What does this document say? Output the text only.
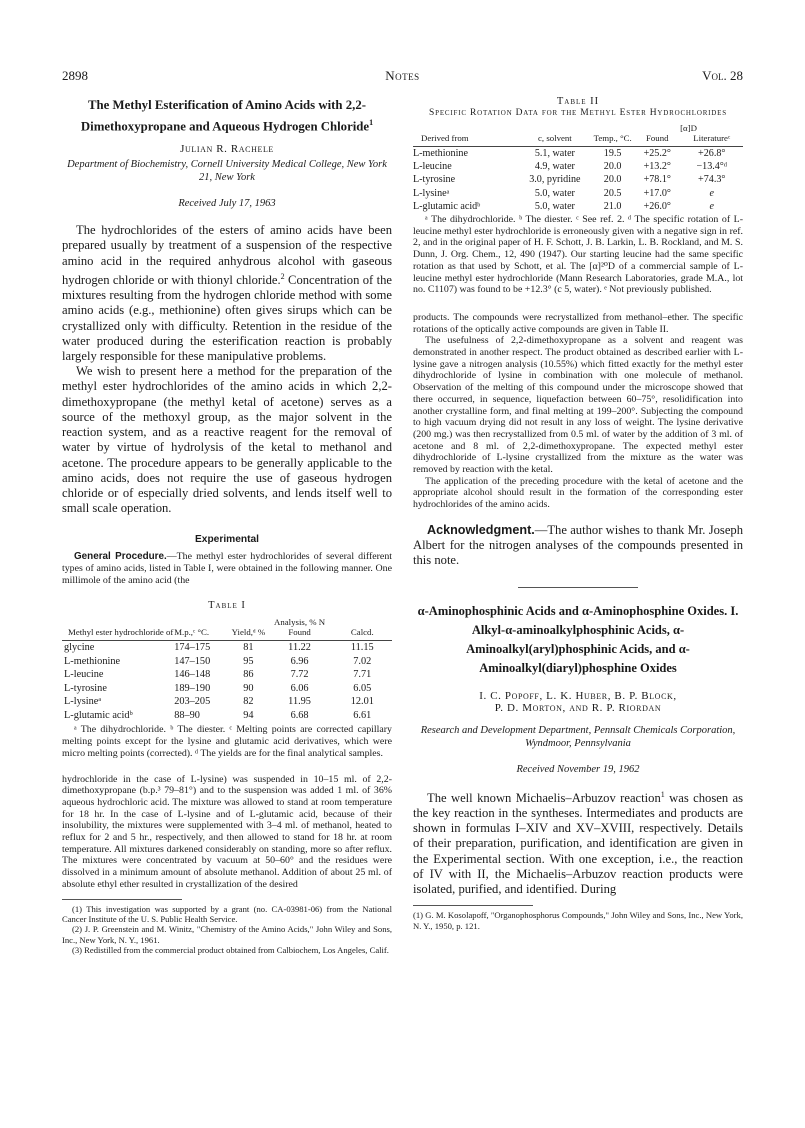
2898	Notes	Vol. 28

The Methyl Esterification of Amino Acids with 2,2-Dimethoxypropane and Aqueous Hydrogen Chloride$^1$

Julian R. Rachele

Department of Biochemistry, Cornell University Medical College, New York 21, New York

Received July 17, 1963

The hydrochlorides of the esters of amino acids have been prepared usually by treatment of a suspension of the respective amino acid in the required anhydrous alcohol with gaseous hydrogen chloride or with thionyl chloride.$^2$ Concentration of the mixtures resulting from the hydrogen chloride method with some amino acids (e.g., methionine) often gives sirups which can be crystallized only with difficulty. Retention in the residue of the water produced during the esterification reaction is probably largely responsible for these manipulative problems.

We wish to present here a method for the preparation of the methyl ester hydrochlorides of the amino acids in which 2,2-dimethoxypropane (the methyl ketal of acetone) serves as a source of the methoxyl group, as the major solvent in the reaction system, and as a reactive reagent for the removal of water by virtue of hydrolysis of the ketal to methanol and acetone. The procedure appears to be generally applicable to the amino acids, does not require the use of gaseous hydrogen chloride or of especially dried solvents, and lends itself well to small scale operation.

Experimental

General Procedure.—The methyl ester hydrochlorides of several different types of amino acids, listed in Table I, were obtained in the following manner. One millimole of the amino acid (the

Table I

Methyl ester hydrochloride of	M.p.,ᶜ °C.	Yield,ᵈ %	Analysis, % N Found	Calcd.
glycine	174–175	81	11.22	11.15
L-methionine	147–150	95	6.96	7.02
L-leucine	146–148	86	7.72	7.71
L-tyrosine	189–190	90	6.06	6.05
L-lysineᵃ	203–205	82	11.95	12.01
L-glutamic acidᵇ	88–90	94	6.68	6.61

ᵃ The dihydrochloride. ᵇ The diester. ᶜ Melting points are corrected capillary melting points except for the lysine and glutamic acid derivatives, which were micro melting points (corrected). ᵈ The yields are for the final analytical samples.

hydrochloride in the case of L-lysine) was suspended in 10–15 ml. of 2,2-dimethoxypropane (b.p.³ 79–81°) and to the suspension was added 1 ml. of 36% aqueous hydrochloric acid. The mixture was allowed to stand at room temperature for 18 hr. In the case of L-lysine and of L-glutamic acid, because of their insolubility, the mixtures were supplemented with 3–4 ml. of methanol, heated to reflux for 2 and 5 hr., respectively, and then allowed to stand for 18 hr. at room temperature. All mixtures darkened considerably on standing, more so after reflux. The mixtures were concentrated by vacuum at 50–60° and the residues were dissolved in a minimum amount of absolute methanol. Addition of about 25 ml. of absolute ethyl ether resulted in crystallization of the desired

(1) This investigation was supported by a grant (no. CA-03981-06) from the National Cancer Institute of the U. S. Public Health Service.

(2) J. P. Greenstein and M. Winitz, "Chemistry of the Amino Acids," John Wiley and Sons, Inc., New York, N. Y., 1961.

(3) Redistilled from the commercial product obtained from Calbiochem, Los Angeles, Calif.

Table II

Specific Rotation Data for the Methyl Ester Hydrochlorides

			[α]D	
Derived from	c, solvent	Temp., °C.	Found	Literatureᶜ
L-methionine	5.1, water	19.5	+25.2°	+26.8°
L-leucine	4.9, water	20.0	+13.2°	−13.4°ᵈ
L-tyrosine	3.0, pyridine	20.0	+78.1°	+74.3°
L-lysineᵃ	5.0, water	20.5	+17.0°	e
L-glutamic acidᵇ	5.0, water	21.0	+26.0°	e

ᵃ The dihydrochloride. ᵇ The diester. ᶜ See ref. 2. ᵈ The specific rotation of L-leucine methyl ester hydrochloride is erroneously given with a negative sign in ref. 2, and in the original paper of H. F. Schott, J. B. Larkin, L. B. Rockland, and M. S. Dunn, J. Org. Chem., 12, 490 (1947). Our starting leucine had the same specific rotation as that used by Schott, et al. The [α]²⁰D of a commercial sample of L-leucine methyl ester hydrochloride (Mann Research Laboratories, grade M.A., lot no. C1107) was found to be +12.3° (c 5, water). ᵉ Not previously published.

products. The compounds were recrystallized from methanol–ether. The specific rotations of the optically active compounds are given in Table II.

The usefulness of 2,2-dimethoxypropane as a solvent and reagent was demonstrated in another respect. The product obtained as described earlier with L-lysine gave a nitrogen analysis (10.55%) which fitted exactly for the methyl ester dihydrochloride of lysine in combination with one molecule of methanol. Observation of the melting of this compound under the microscope showed that there occurred, in sequence, liquefaction between 60–75°, resolidification into another crystalline form, and final melting at 199–200°. Subjecting the compound to high vacuum drying did not result in any loss of weight. The lysine derivative (200 mg.) was then recrystallized from 0.5 ml. of water by the addition of 3 ml. of acetone and 8 ml. of 2,2-dimethoxypropane. The expected methyl ester dihydrochloride of L-lysine crystallized from the mixture as the water was removed by reaction with the ketal.

The application of the preceding procedure with the ketal of acetone and the appropriate alcohol should result in the formation of the corresponding ester hydrochlorides of the amino acids.

Acknowledgment.—The author wishes to thank Mr. Joseph Albert for the nitrogen analyses of the compounds presented in this note.

α-Aminophosphinic Acids and α-Aminophosphine Oxides. I. Alkyl-α-aminoalkylphosphinic Acids, α-Aminoalkyl(aryl)phosphinic Acids, and α-Aminoalkyl(diaryl)phosphine Oxides

I. C. Popoff, L. K. Huber, B. P. Block,

P. D. Morton, and R. P. Riordan

Research and Development Department, Pennsalt Chemicals Corporation, Wyndmoor, Pennsylvania

Received November 19, 1962

The well known Michaelis–Arbuzov reaction$^1$ was chosen as the key reaction in the syntheses. Intermediates and products are shown in formulas I–XIV and XV–XVIII, respectively. Details of their preparation, purification, and identification are given in the Experimental section. With one exception, i.e., the reaction of IV with II, the Michaelis–Arbuzov reaction products were isolated, purified, and identified. During

(1) G. M. Kosolapoff, "Organophosphorus Compounds," John Wiley and Sons, Inc., New York, N. Y., 1950, p. 121.
